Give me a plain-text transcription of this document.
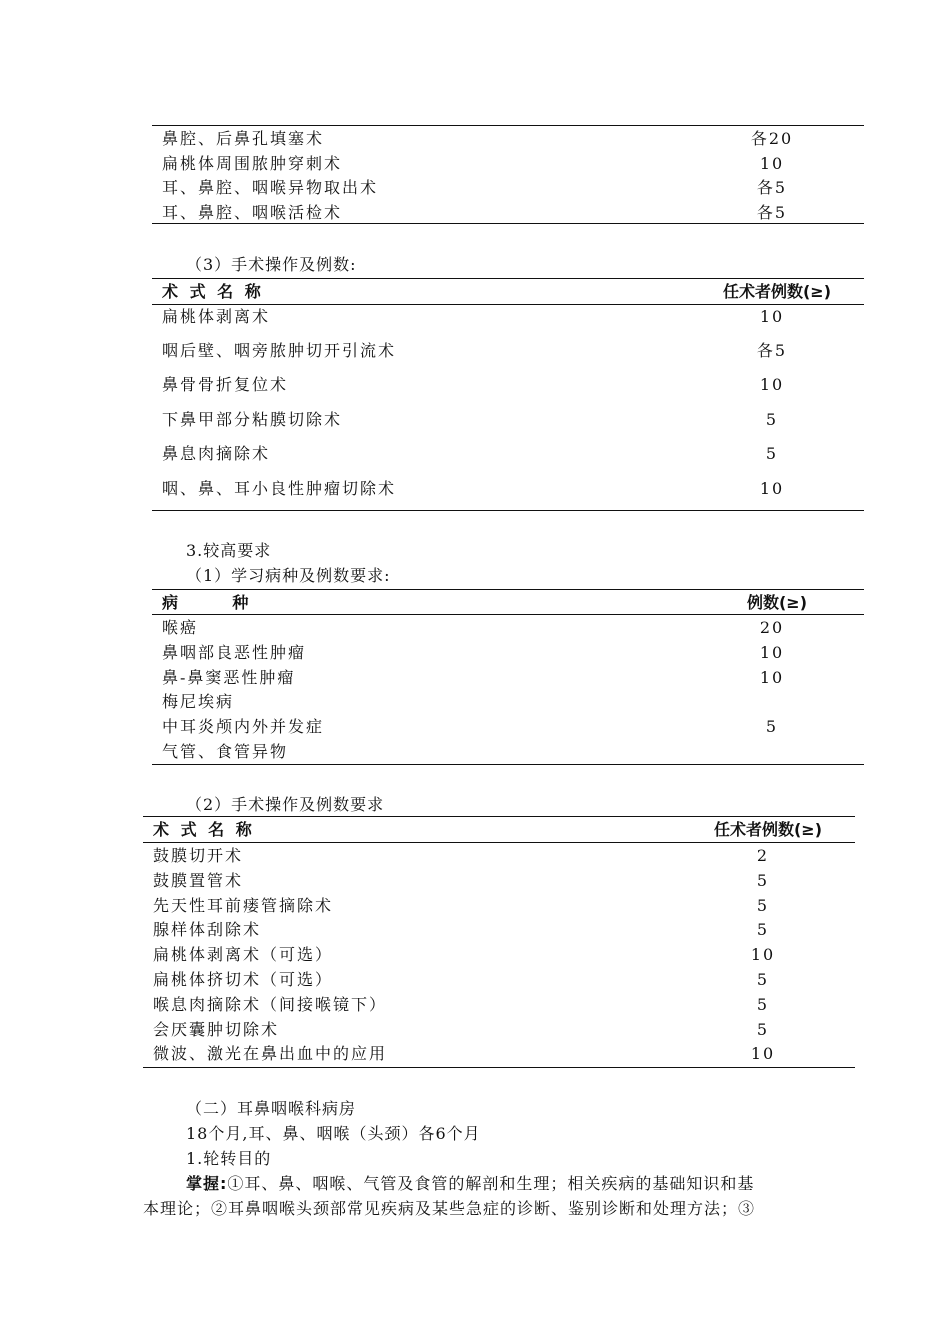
鼻腔、后鼻孔填塞术	各20
扁桃体周围脓肿穿刺术	10
耳、鼻腔、咽喉异物取出术	各5
耳、鼻腔、咽喉活检术	各5
（3）手术操作及例数:
术 式 名 称	任术者例数(≥)
扁桃体剥离术	10
咽后壁、咽旁脓肿切开引流术	各5
鼻骨骨折复位术	10
下鼻甲部分粘膜切除术	5
鼻息肉摘除术	5
咽、鼻、耳小良性肿瘤切除术	10
3.较高要求
（1）学习病种及例数要求:
病      种	例数(≥)
喉癌	20
鼻咽部良恶性肿瘤	10
鼻-鼻窦恶性肿瘤	10
梅尼埃病
中耳炎颅内外并发症	5
气管、食管异物
（2）手术操作及例数要求
术 式 名 称	任术者例数(≥)
鼓膜切开术	2
鼓膜置管术	5
先天性耳前瘘管摘除术	5
腺样体刮除术	5
扁桃体剥离术（可选）	10
扁桃体挤切术（可选）	5
喉息肉摘除术（间接喉镜下）	5
会厌囊肿切除术	5
微波、激光在鼻出血中的应用	10
（二）耳鼻咽喉科病房
18个月,耳、鼻、咽喉（头颈）各6个月
1.轮转目的
掌握:①耳、鼻、咽喉、气管及食管的解剖和生理；相关疾病的基础知识和基
本理论；②耳鼻咽喉头颈部常见疾病及某些急症的诊断、鉴别诊断和处理方法；③
